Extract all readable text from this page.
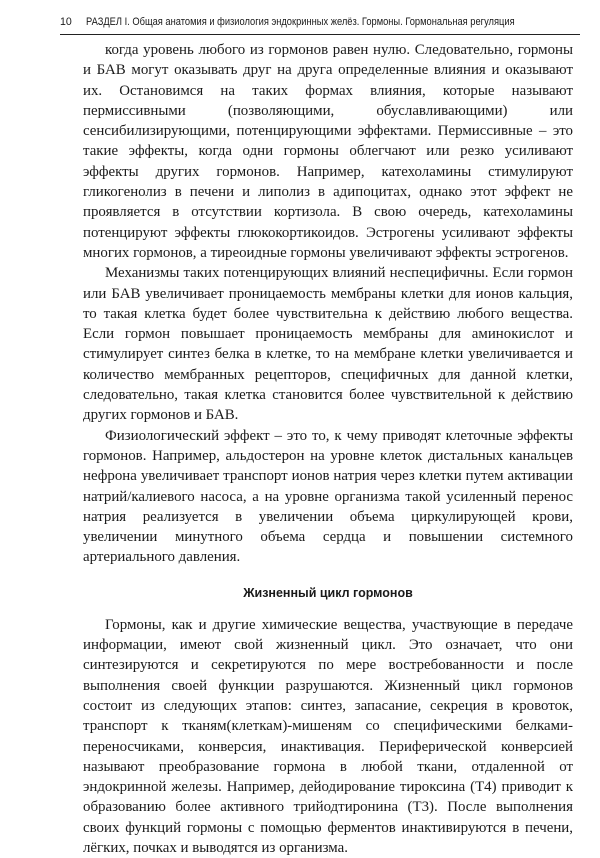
10 РАЗДЕЛ I. Общая анатомия и физиология эндокринных желёз. Гормоны. Гормональная регуляция

когда уровень любого из гормонов равен нулю. Следовательно, гормоны и БАВ могут оказывать друг на друга определенные влияния и оказывают их. Остановимся на таких формах влияния, которые называют пермиссивными (позволяющими, обуславливающими) или сенсибилизирующими, потенцирующими эффектами. Пермиссивные – это такие эффекты, когда одни гормоны облегчают или резко усиливают эффекты других гормонов. Например, катехоламины стимулируют гликогенолиз в печени и липолиз в адипоцитах, однако этот эффект не проявляется в отсутствии кортизола. В свою очередь, катехоламины потенцируют эффекты глюкокортикоидов. Эстрогены усиливают эффекты многих гормонов, а тиреоидные гормоны увеличивают эффекты эстрогенов.

Механизмы таких потенцирующих влияний неспецифичны. Если гормон или БАВ увеличивает проницаемость мембраны клетки для ионов кальция, то такая клетка будет более чувствительна к действию любого вещества. Если гормон повышает проницаемость мембраны для аминокислот и стимулирует синтез белка в клетке, то на мембране клетки увеличивается и количество мембранных рецепторов, специфичных для данной клетки, следовательно, такая клетка становится более чувствительной к действию других гормонов и БАВ.

Физиологический эффект – это то, к чему приводят клеточные эффекты гормонов. Например, альдостерон на уровне клеток дистальных канальцев нефрона увеличивает транспорт ионов натрия через клетки путем активации натрий/калиевого насоса, а на уровне организма такой усиленный перенос натрия реализуется в увеличении объема циркулирующей крови, увеличении минутного объема сердца и повышении системного артериального давления.

Жизненный цикл гормонов

Гормоны, как и другие химические вещества, участвующие в передаче информации, имеют свой жизненный цикл. Это означает, что они синтезируются и секретируются по мере востребованности и после выполнения своей функции разрушаются. Жизненный цикл гормонов состоит из следующих этапов: синтез, запасание, секреция в кровоток, транспорт к тканям(клеткам)-мишеням со специфическими белками-переносчиками, конверсия, инактивация. Периферической конверсией называют преобразование гормона в любой ткани, отдаленной от эндокринной железы. Например, дейодирование тироксина (Т4) приводит к образованию более активного трийодтиронина (Т3). После выполнения своих функций гормоны с помощью ферментов инактивируются в печени, лёгких, почках и выводятся из организма.
